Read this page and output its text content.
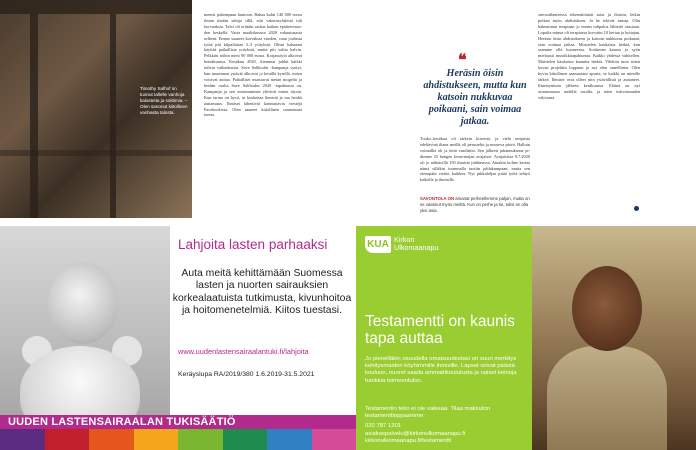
Timothy Salhof on tuonut tallelle vanhoja kalusteita ja soittimia. – Olen sanonut kiitollinen vanhasta talosta.

menisi pahempaan kuntoon. Rahaa kului 140 000 euroa ilman itsiään tahoja sillä, että vakutusyhtiöstä tuli korvauksia. Talvi oli erittäin raskas kaiken epätietoisuuden keskellä. Vasta maaliskuussa 2020 vakuutusasia selkeni. Emme saaneet korvaksia vuoden, vaan joulusta työtä piti kilpailuttaa 3–5 yrityksiä. Olisin halunnut käyttää paikallisia yrityksiä, mutta piti valita halvin. Pelkkiin töihin meni 90 000 euroa. Korjaustyöt alkoivat heinäkuussa. Kesäkuu 2020. Aiemmat juhlat kaikki tulivat vaikeuksista. Save Saltbodas -kampanja syntyi, kun muutamat ystävät alkoivat jo kesällä kysellä, miten voisivat auttaa. Paikalliset muistavat meiän mogelin ja heidän osalta Save Saltbodas 2020 -tapahtuma on. Kampanja ja sen onnistuminen ylittivät minut täysin. Kun tarina on hyvä, se koskettaa ihmisiä ja saa heidät auttamaan. Ihmiset lähettivät kannustavia viestejä Facebookissa. Olen saaneet kiitollinen saamastani tuesta.

❝
Heräsin öisin ahdistukseen, mutta kun katsoin nukkuvaa poikaani, sain voimaa jatkaa.

Touko–kesäkuu oli tärkein kiireistä, ja vielä avajaisia edeltävinä iltana meillä oli perusteltu ja nouseva päivä. Halluin voimallia oli ja töitä vaadittiin. Sen jälkeen juhannuksena pidimme 25 hengen loma-majan avajaiset. Avajaisissa 8.7.2020 oli jo nähtävillä 150 ihmistä juhlimassa. Ainakin kolme kertaa nämä silläkin isommalla tuotiin juhlakumpaan, mutta sen eteenpäin vietiin kaikkea. Nyt pikkuhiljaa pitää työtä tehtyä kaikelle ja ihmisille.

SAVONTOLA ON amanat perheellemme paljon, mutta on se vaatinut myös meiltä. Kun on perhe ja tie, tulisi se olla yksi asia.

stressitilanteessa tekemättömät asiat ja iltaisin, leikin poikan myös ahdistuksen. Ja he tekivät samaa. Olin hakeutunut terapiaan jo ennen tulipaloa lähteitä oiustaan. Lopulta minua oli terapiassa korvattu 10 kertaa ja hoitajan. Heräsin öisin ahdistukseen ja katsoin nukkuvaa poikaani, sain voimaa jatkaa. Muistelen kaukaisia hetkiä, kun saamme olla huoneessa. Soittimen kanssa ja syön mieluusti musiikkitapahtumia. Kaikki yhdessä vähitellen. Muistelen kaukaisia kauniita hetkiä. Vihdoin tuon sitten kovan projektin loppuun ja nyt olen onnellinen. Olen hyvin kiitollinen saamastani apusta, se kaikki on minulle tärkeä. Ihmiset ovat olleet niin ystävällisiä ja auttaneet. Ilmestymisen jälkeen kesäkuussa. Elämä on nyt avautumassa uudella tavalla, ja näen tulevaisuuden valoisana.

Lahjoita lasten parhaaksi
Auta meitä kehittämään Suomessa lasten ja nuorten sairauksien korkealaatuista tutkimusta, kivunhoitoa ja hoitomenetelmiä. Kiitos tuestasi.
www.uudenlastensairaalantuki.fi/lahjoita
Keräyslupa RA/2019/380 1.6.2019-31.5.2021
UUDEN LASTENSAIRAALAN TUKISÄÄTIÖ
KUA Kirkon
Ulkomaanapu
Testamentti on kaunis tapa auttaa
Jo pienelläkin osuudella omaisuudestasi on suuri merkitys kehitysmaiden köyhimmille ihmisille. Lapset voivat päästä kouluun, nuoret saada ammattikoulutusta ja naiset keinoja hankkia toimeentulon.
Testamentin teko ei ole vaikeaa. Tilaa maksuton testamenttioppaamme:
020 787 1201
asiakaspalvelu@kirkonulkomaanapu.fi
kirkonulkomaanapu.fi/testamentti
